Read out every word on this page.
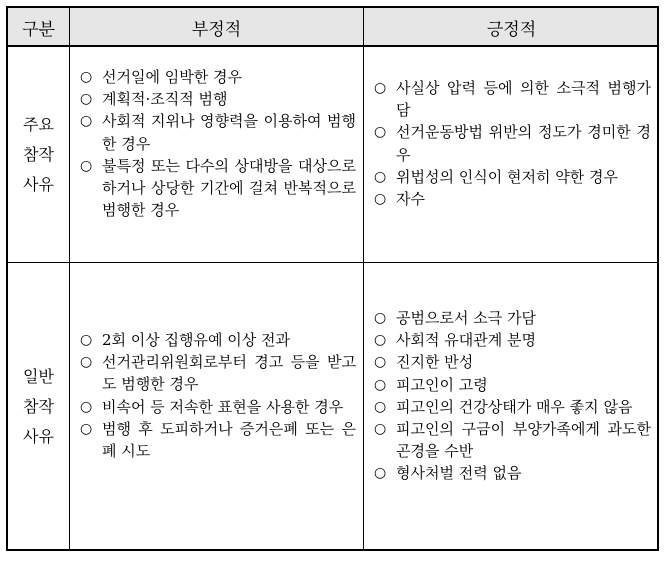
구분	부정적	긍정적
주요
참작
사유
○ 선거일에 임박한 경우
○ 계획적·조직적 범행
○ 사회적 지위나 영향력을 이용하여 범행한 경우
○ 불특정 또는 다수의 상대방을 대상으로 하거나 상당한 기간에 걸쳐 반복적으로 범행한 경우
○ 사실상 압력 등에 의한 소극적 범행가담
○ 선거운동방법 위반의 정도가 경미한 경우
○ 위법성의 인식이 현저히 약한 경우
○ 자수
일반
참작
사유
○ 2회 이상 집행유예 이상 전과
○ 선거관리위원회로부터 경고 등을 받고도 범행한 경우
○ 비속어 등 저속한 표현을 사용한 경우
○ 범행 후 도피하거나 증거은폐 또는 은폐 시도
○ 공범으로서 소극 가담
○ 사회적 유대관계 분명
○ 진지한 반성
○ 피고인이 고령
○ 피고인의 건강상태가 매우 좋지 않음
○ 피고인의 구금이 부양가족에게 과도한 곤경을 수반
○ 형사처벌 전력 없음
